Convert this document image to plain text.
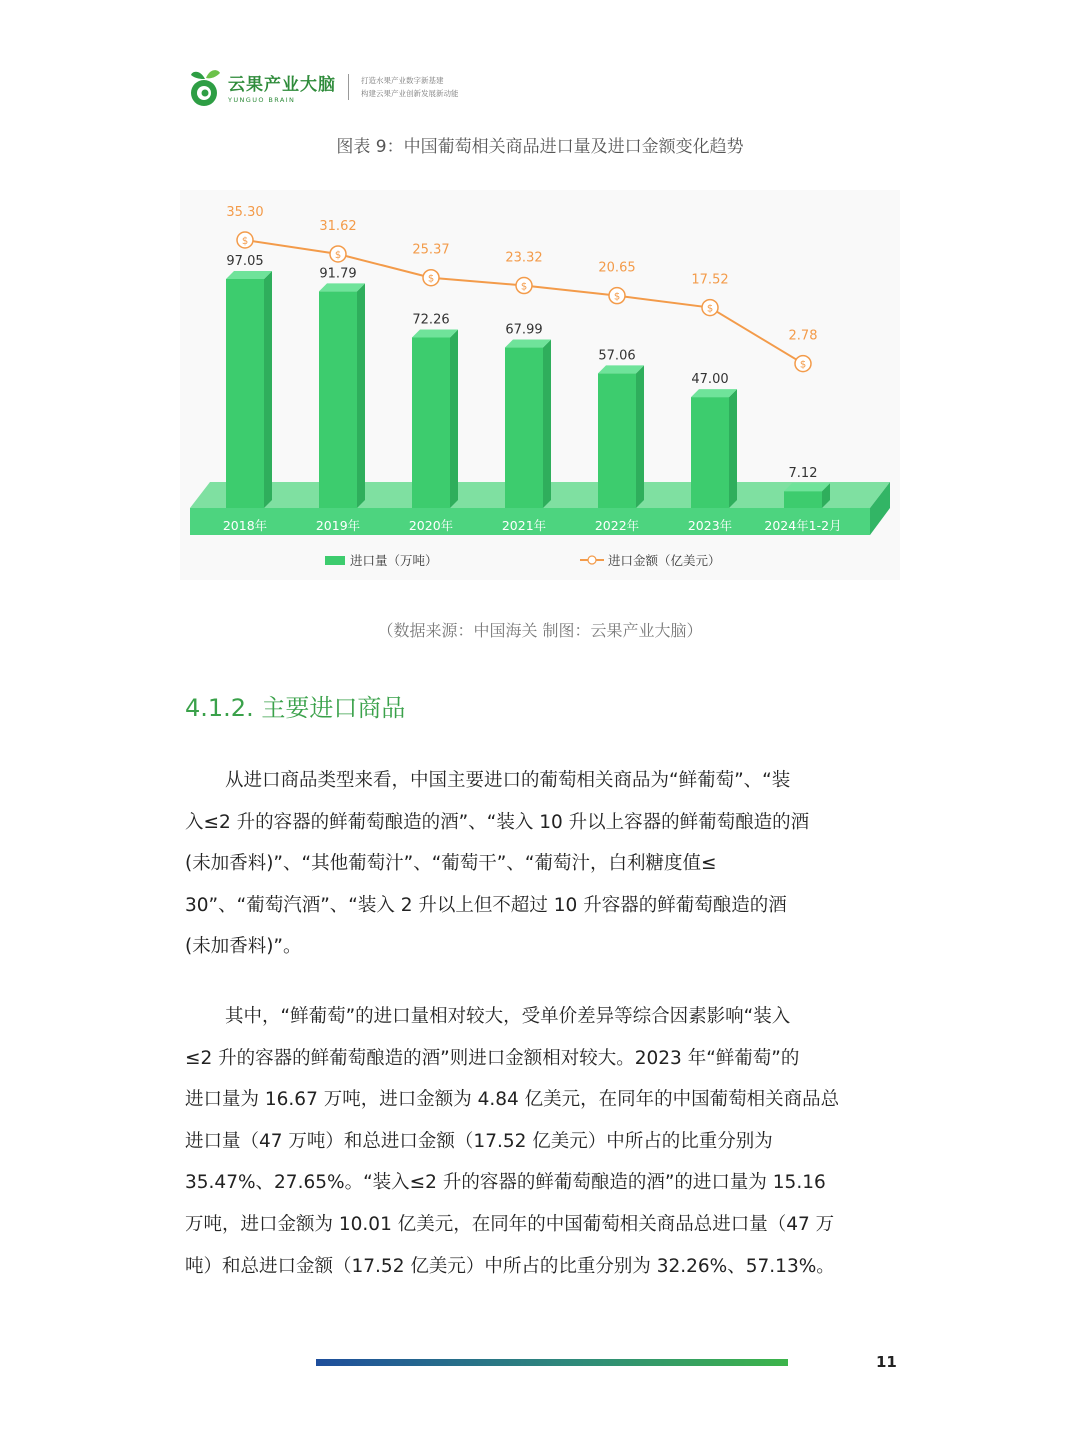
云果产业大脑
YUNGUO BRAIN
打造水果产业数字新基建
构建云果产业创新发展新动能
图表 9：中国葡萄相关商品进口量及进口金额变化趋势
97.05
2018年
91.79
2019年
72.26
2020年
67.99
2021年
57.06
2022年
47.00
2023年
7.12
2024年1-2月
$
35.30
$
31.62
$
25.37
$
23.32
$
20.65
$
17.52
$
2.78
进口量（万吨）	进口金额（亿美元）
（数据来源：中国海关 制图：云果产业大脑）
4.1.2. 主要进口商品

从进口商品类型来看，中国主要进口的葡萄相关商品为“鲜葡萄”、“装
入≤2 升的容器的鲜葡萄酿造的酒”、“装入 10 升以上容器的鲜葡萄酿造的酒
(未加香料)”、“其他葡萄汁”、“葡萄干”、“葡萄汁，白利糖度值≤
30”、“葡萄汽酒”、“装入 2 升以上但不超过 10 升容器的鲜葡萄酿造的酒
(未加香料)”。

其中，“鲜葡萄”的进口量相对较大，受单价差异等综合因素影响“装入
≤2 升的容器的鲜葡萄酿造的酒”则进口金额相对较大。2023 年“鲜葡萄”的
进口量为 16.67 万吨，进口金额为 4.84 亿美元，在同年的中国葡萄相关商品总
进口量（47 万吨）和总进口金额（17.52 亿美元）中所占的比重分别为
35.47%、27.65%。“装入≤2 升的容器的鲜葡萄酿造的酒”的进口量为 15.16
万吨，进口金额为 10.01 亿美元，在同年的中国葡萄相关商品总进口量（47 万
吨）和总进口金额（17.52 亿美元）中所占的比重分别为 32.26%、57.13%。

11
